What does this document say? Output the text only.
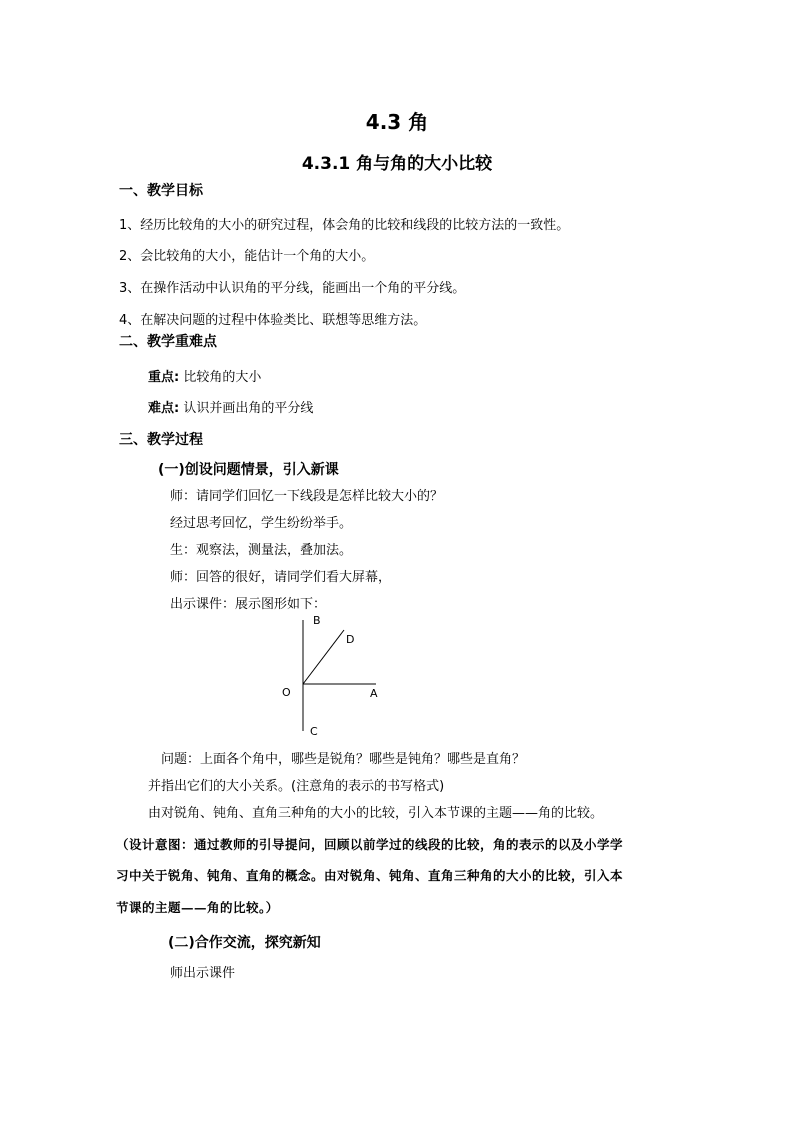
4.3 角
4.3.1 角与角的大小比较
一、教学目标
1、经历比较角的大小的研究过程，体会角的比较和线段的比较方法的一致性。
2、会比较角的大小，能估计一个角的大小。
3、在操作活动中认识角的平分线，能画出一个角的平分线。
4、在解决问题的过程中体验类比、联想等思维方法。
二、教学重难点
重点: 比较角的大小
难点: 认识并画出角的平分线
三、教学过程
(一)创设问题情景，引入新课
师：请同学们回忆一下线段是怎样比较大小的？
经过思考回忆，学生纷纷举手。
生：观察法，测量法，叠加法。
师：回答的很好，请同学们看大屏幕，
出示课件：展示图形如下：
B
D
O	A
C
问题：上面各个角中，哪些是锐角？哪些是钝角？哪些是直角？
并指出它们的大小关系。(注意角的表示的书写格式)
由对锐角、钝角、直角三种角的大小的比较，引入本节课的主题——角的比较。
（设计意图：通过教师的引导提问，回顾以前学过的线段的比较，角的表示的以及小学学
习中关于锐角、钝角、直角的概念。由对锐角、钝角、直角三种角的大小的比较，引入本
节课的主题——角的比较。）
(二)合作交流，探究新知
师出示课件
